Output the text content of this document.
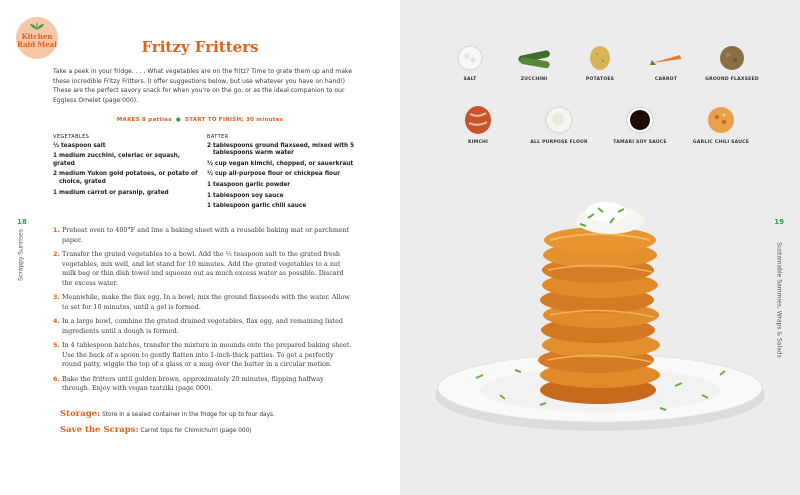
Kitchen
Raid Meal	Fritzy Fritters
Take a peek in your fridge. . . . What vegetables are on the fritz? Time to grate them up and make these incredible Fritzy Fritters. (I offer suggestions below, but use whatever you have on hand!) These are the perfect savory snack for when you're on the go, or as the ideal companion to our Eggless Omelet (page 000).
MAKES 8 patties ● START TO FINISH: 30 minutes
VEGETABLES
½ teaspoon salt
1 medium zucchini, celeriac or squash, grated
2 medium Yukon gold potatoes, or potato of choice, grated
1 medium carrot or parsnip, grated
BATTER
2 tablespoons ground flaxseed, mixed with 5 tablespoons warm water
½ cup vegan kimchi, chopped, or sauerkraut
½ cup all-purpose flour or chickpea flour
1 teaspoon garlic powder
1 tablespoon soy sauce
1 tablespoon garlic chili sauce
18
Scrappy Sunrises	1. Preheat oven to 400°F and line a baking sheet with a reusable baking mat or parchment paper.
2. Transfer the grated vegetables to a bowl. Add the ½ teaspoon salt to the grated fresh vegetables, mix well, and let stand for 10 minutes. Add the grated vegetables to a nut milk bag or thin dish towel and squeeze out as much excess water as possible. Discard the excess water.
3. Meanwhile, make the flax egg. In a bowl, mix the ground flaxseeds with the water. Allow to set for 10 minutes, until a gel is formed.
4. In a large bowl, combine the grated drained vegetables, flax egg, and remaining listed ingredients until a dough is formed.
5. In 4 tablespoon batches, transfer the mixture in mounds onto the prepared baking sheet. Use the back of a spoon to gently flatten into 1-inch-thick patties. To get a perfectly round patty, wiggle the top of a glass or a mug over the batter in a circular motion.
6. Bake the fritters until golden brown, approximately 20 minutes, flipping halfway through. Enjoy with vegan tzatziki (page 000).
Storage: Store in a sealed container in the fridge for up to four days.
Save the Scraps: Carrot tops for Chimichurri (page 000)
SALT	ZUCCHINI	POTATOES	CARROT	GROUND FLAXSEED
KIMCHI	ALL PURPOSE FLOUR	TAMARI SOY SAUCE	GARLIC CHILI SAUCE
19
Sustainable Sammies, Wraps & Salads
